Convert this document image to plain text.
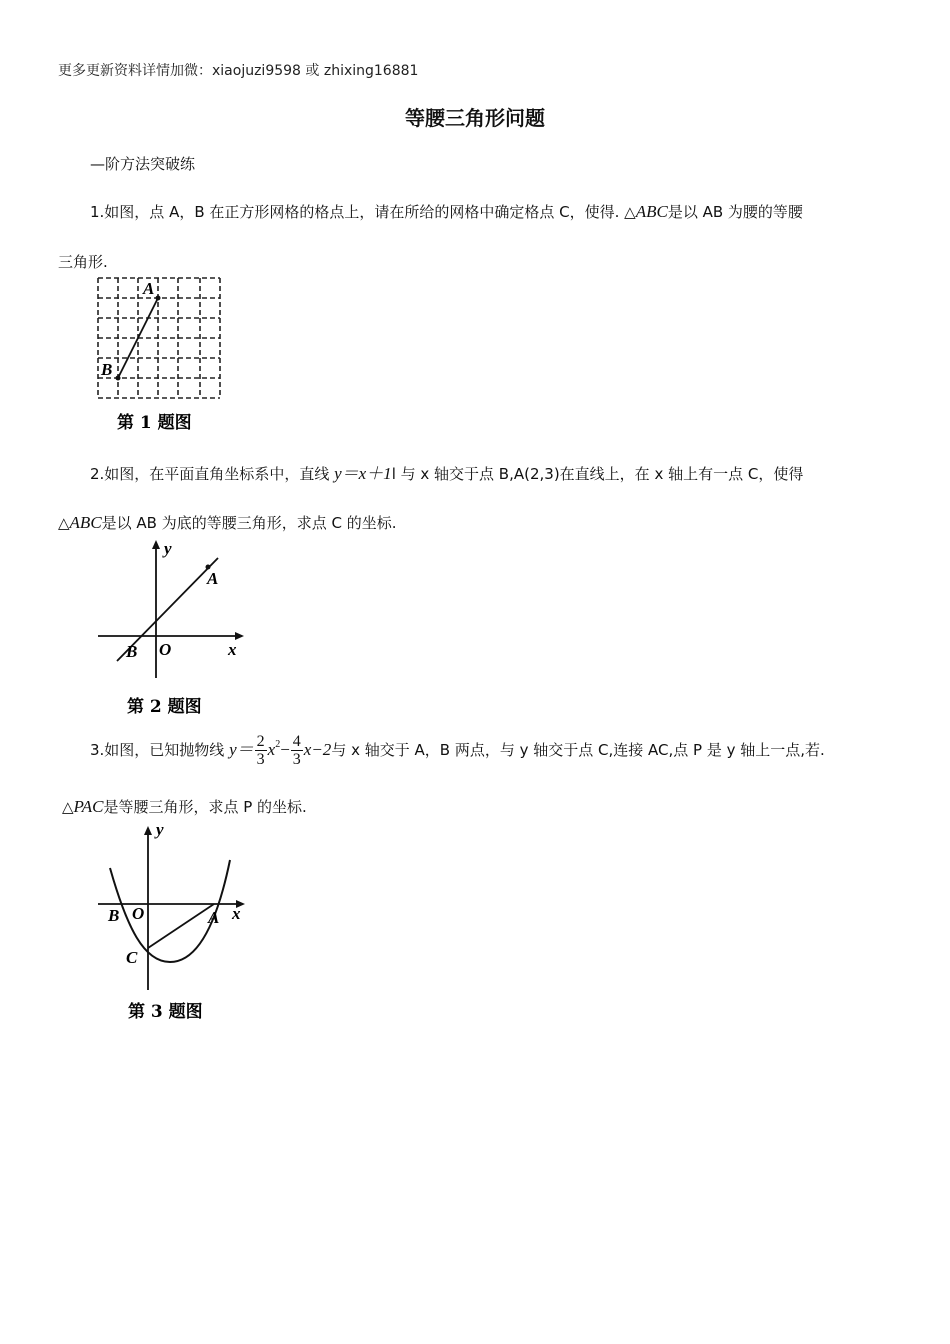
更多更新资料详情加微：xiaojuzi9598 或 zhixing16881
等腰三角形问题
—阶方法突破练
1.如图，点 A，B 在正方形网格的格点上，请在所给的网格中确定格点 C，使得. △ABC是以 AB 为腰的等腰
三角形.
A
B
第 1 题图
2.如图，在平面直角坐标系中，直线 y＝x＋1l 与 x 轴交于点 B,A(2,3)在直线上，在 x 轴上有一点 C，使得
△ABC是以 AB 为底的等腰三角形，求点 C 的坐标.
y
A
B O	x
第 2 题图
3.如图，已知抛物线 $y= \frac{2}{3} x^2- \frac{4}{3} x-2$与 x 轴交于 A，B 两点，与 y 轴交于点 C,连接 AC,点 P 是 y 轴上一点,若.
△PAC是等腰三角形，求点 P 的坐标.
y
B O	A x
C
第 3 题图
